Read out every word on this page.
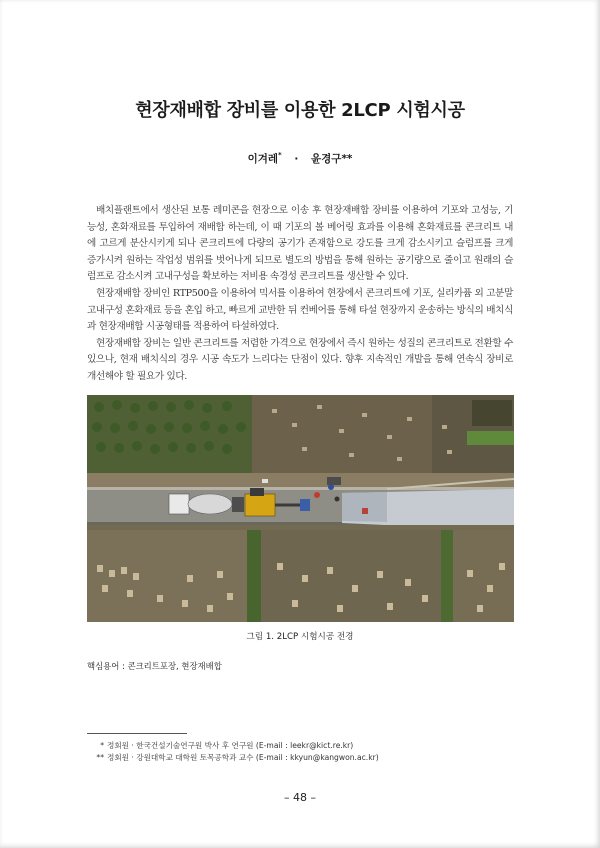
현장재배합 장비를 이용한 2LCP 시험시공
이겨레* · 윤경구**

배치플랜트에서 생산된 보통 레미콘을 현장으로 이송 후 현장재배합 장비를 이용하여 기포와 고성능, 기능성, 혼화재료를 투입하여 재배합 하는데, 이 때 기포의 볼 베어링 효과를 이용해 혼화재료를 콘크리트 내에 고르게 분산시키게 되나 콘크리트에 다량의 공기가 존재함으로 강도를 크게 감소시키고 슬럼프를 크게 증가시켜 원하는 작업성 범위를 벗어나게 되므로 별도의 방법을 통해 원하는 공기량으로 줄이고 원래의 슬럼프로 감소시켜 고내구성을 확보하는 저비용 속경성 콘크리트를 생산할 수 있다.

현장재배합 장비인 RTP500을 이용하여 믹서를 이용하여 현장에서 콘크리트에 기포, 실리카퓸 외 고분말 고내구성 혼화재료 등을 혼입 하고, 빠르게 교반한 뒤 컨베어를 통해 타설 현장까지 운송하는 방식의 배치식과 현장재배합 시공형태를 적용하여 타설하였다.

현장재배합 장비는 일반 콘크리트를 저렴한 가격으로 현장에서 즉시 원하는 성질의 콘크리트로 전환할 수 있으나, 현재 배치식의 경우 시공 속도가 느리다는 단점이 있다. 향후 지속적인 개발을 통해 연속식 장비로 개선해야 할 필요가 있다.

그림 1. 2LCP 시험시공 전경
핵심용어 : 콘크리트포장, 현장재배합
* 정회원 · 한국건설기술연구원 박사 후 연구원 (E-mail : leekr@kict.re.kr)
** 정회원 · 강원대학교 대학원 토목공학과 교수 (E-mail : kkyun@kangwon.ac.kr)
– 48 –
